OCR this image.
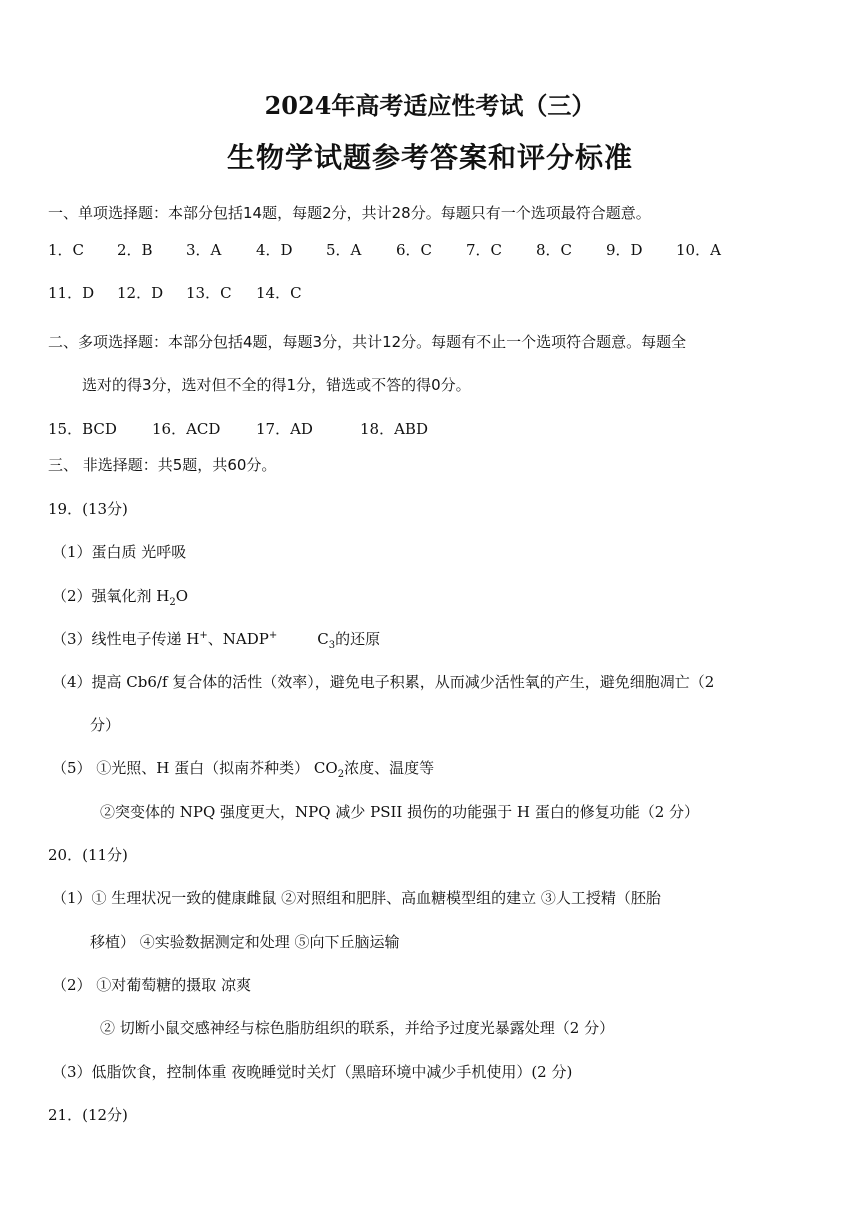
2024年高考适应性考试（三）
生物学试题参考答案和评分标准
一、单项选择题：本部分包括14题，每题2分，共计28分。每题只有一个选项最符合题意。
1．C 2．B 3．A 4．D 5．A 6．C 7．C 8．C 9．D 10．A
11．D 12．D 13．C 14．C
二、多项选择题：本部分包括4题，每题3分，共计12分。每题有不止一个选项符合题意。每题全
选对的得3分，选对但不全的得1分，错选或不答的得0分。
15．BCD 16．ACD 17．AD	18．ABD
三、 非选择题：共5题，共60分。
19．(13分)
（1）蛋白质 光呼吸
（2）强氧化剂 $H_2O$
（3）线性电子传递 H+、NADP+	$C_3$的还原
（4）提高 Cb6/f 复合体的活性（效率），避免电子积累，从而减少活性氧的产生，避免细胞凋亡（2
分）
（5） ①光照、H 蛋白（拟南芥种类） $CO_2$浓度、温度等
②突变体的 NPQ 强度更大，NPQ 减少 PSII 损伤的功能强于 H 蛋白的修复功能（2 分）
20．(11分)
（1）① 生理状况一致的健康雌鼠 ②对照组和肥胖、高血糖模型组的建立 ③人工授精（胚胎
移植） ④实验数据测定和处理 ⑤向下丘脑运输
（2） ①对葡萄糖的摄取 凉爽
② 切断小鼠交感神经与棕色脂肪组织的联系，并给予过度光暴露处理（2 分）
（3）低脂饮食，控制体重 夜晚睡觉时关灯（黑暗环境中减少手机使用）(2 分)
21．(12分)
